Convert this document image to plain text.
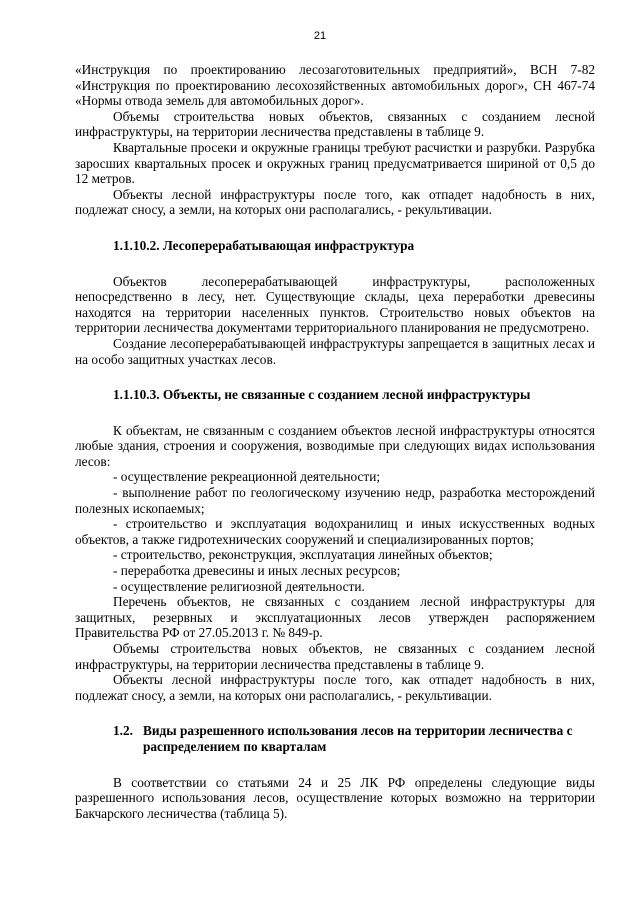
21

«Инструкция по проектированию лесозаготовительных предприятий», ВСН 7-82 «Инструкция по проектированию лесохозяйственных автомобильных дорог», СН 467-74 «Нормы отвода земель для автомобильных дорог».

Объемы строительства новых объектов, связанных с созданием лесной инфраструктуры, на территории лесничества представлены в таблице 9.

Квартальные просеки и окружные границы требуют расчистки и разрубки. Разрубка заросших квартальных просек и окружных границ предусматривается шириной от 0,5 до 12 метров.

Объекты лесной инфраструктуры после того, как отпадет надобность в них, подлежат сносу, а земли, на которых они располагались, - рекультивации.

1.1.10.2. Лесоперерабатывающая инфраструктура

Объектов лесоперерабатывающей инфраструктуры, расположенных непосредственно в лесу, нет. Существующие склады, цеха переработки древесины находятся на территории населенных пунктов. Строительство новых объектов на территории лесничества документами территориального планирования не предусмотрено.

Создание лесоперерабатывающей инфраструктуры запрещается в защитных лесах и на особо защитных участках лесов.

1.1.10.3. Объекты, не связанные с созданием лесной инфраструктуры

К объектам, не связанным с созданием объектов лесной инфраструктуры относятся любые здания, строения и сооружения, возводимые при следующих видах использования лесов:

- осуществление рекреационной деятельности;

- выполнение работ по геологическому изучению недр, разработка месторождений полезных ископаемых;

- строительство и эксплуатация водохранилищ и иных искусственных водных объектов, а также гидротехнических сооружений и специализированных портов;

- строительство, реконструкция, эксплуатация линейных объектов;

- переработка древесины и иных лесных ресурсов;

- осуществление религиозной деятельности.

Перечень объектов, не связанных с созданием лесной инфраструктуры для защитных, резервных и эксплуатационных лесов утвержден распоряжением Правительства РФ от 27.05.2013 г. № 849-р.

Объемы строительства новых объектов, не связанных с созданием лесной инфраструктуры, на территории лесничества представлены в таблице 9.

Объекты лесной инфраструктуры после того, как отпадет надобность в них, подлежат сносу, а земли, на которых они располагались, - рекультивации.

1.2. Виды разрешенного использования лесов на территории лесничества с распределением по кварталам

В соответствии со статьями 24 и 25 ЛК РФ определены следующие виды разрешенного использования лесов, осуществление которых возможно на территории Бакчарского лесничества (таблица 5).
